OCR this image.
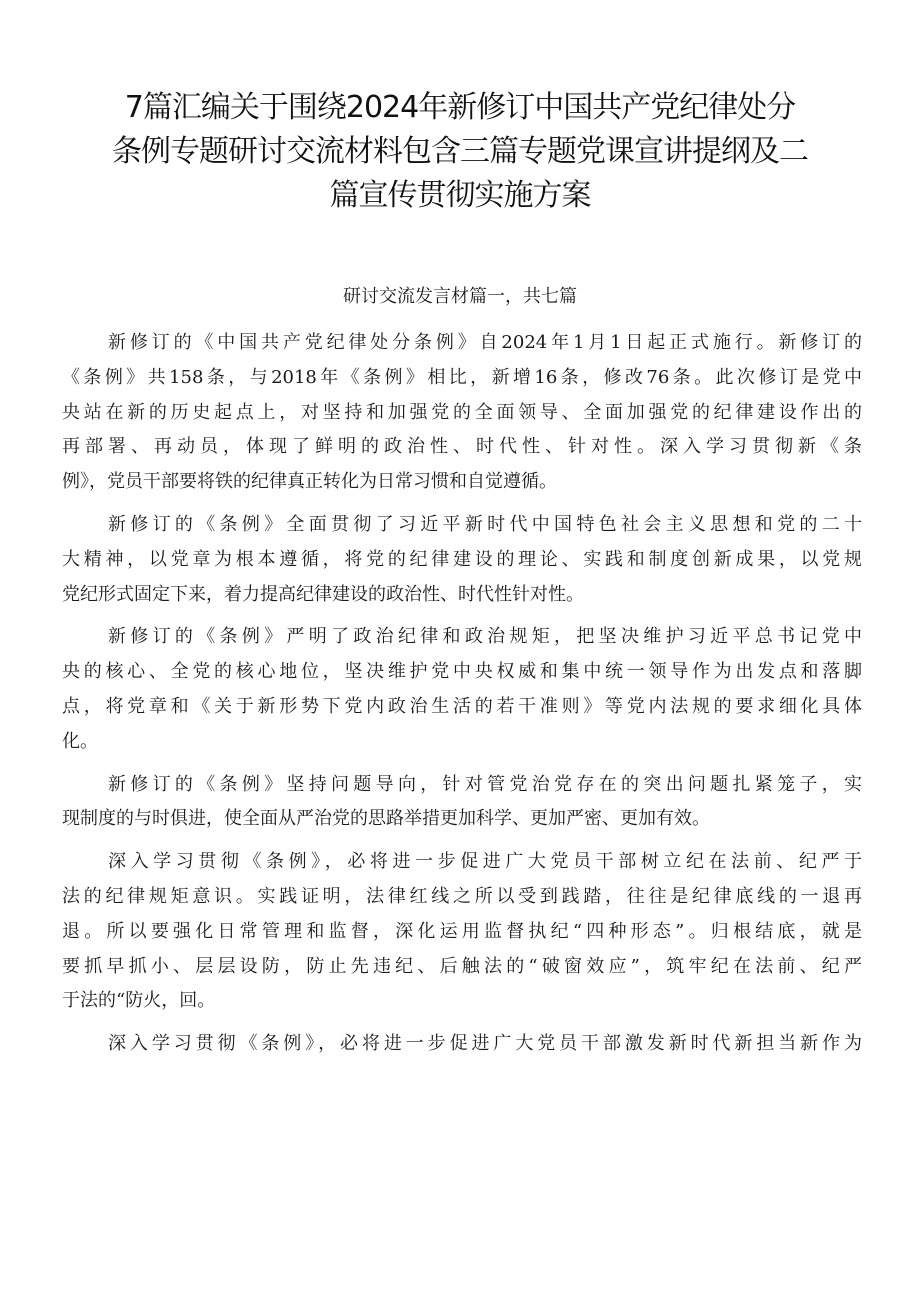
7篇汇编关于围绕2024年新修订中国共产党纪律处分
条例专题研讨交流材料包含三篇专题党课宣讲提纲及二
篇宣传贯彻实施方案
研讨交流发言材篇一，共七篇

新修订的《中国共产党纪律处分条例》自2024年1月1日起正式施行。新修订的
《条例》共158条，与2018年《条例》相比，新增16条，修改76条。此次修订是党中
央站在新的历史起点上，对坚持和加强党的全面领导、全面加强党的纪律建设作出的
再部署、再动员，体现了鲜明的政治性、时代性、针对性。深入学习贯彻新《条
例》，党员干部要将铁的纪律真正转化为日常习惯和自觉遵循。

新修订的《条例》全面贯彻了习近平新时代中国特色社会主义思想和党的二十
大精神，以党章为根本遵循，将党的纪律建设的理论、实践和制度创新成果，以党规
党纪形式固定下来，着力提高纪律建设的政治性、时代性针对性。

新修订的《条例》严明了政治纪律和政治规矩，把坚决维护习近平总书记党中
央的核心、全党的核心地位，坚决维护党中央权威和集中统一领导作为出发点和落脚
点，将党章和《关于新形势下党内政治生活的若干准则》等党内法规的要求细化具体
化。

新修订的《条例》坚持问题导向，针对管党治党存在的突出问题扎紧笼子，实
现制度的与时俱进，使全面从严治党的思路举措更加科学、更加严密、更加有效。

深入学习贯彻《条例》，必将进一步促进广大党员干部树立纪在法前、纪严于
法的纪律规矩意识。实践证明，法律红线之所以受到践踏，往往是纪律底线的一退再
退。所以要强化日常管理和监督，深化运用监督执纪“四种形态”。归根结底，就是
要抓早抓小、层层设防，防止先违纪、后触法的“破窗效应”，筑牢纪在法前、纪严
于法的“防火，回。

深入学习贯彻《条例》，必将进一步促进广大党员干部激发新时代新担当新作为
